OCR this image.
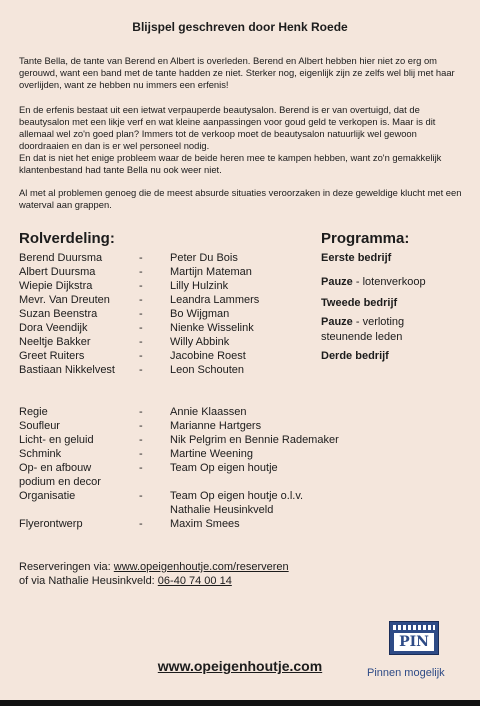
Blijspel geschreven door Henk Roede
Tante Bella, de tante van Berend en Albert is overleden. Berend en Albert hebben hier niet zo erg om gerouwd, want een band met de tante hadden ze niet. Sterker nog, eigenlijk zijn ze zelfs wel blij met haar overlijden, want ze hebben nu immers een erfenis!
En de erfenis bestaat uit een ietwat verpauperde beautysalon. Berend is er van overtuigd, dat de beautysalon met een likje verf en wat kleine aanpassingen voor goud geld te verkopen is. Maar is dit allemaal wel zo'n goed plan? Immers tot de verkoop moet de beautysalon natuurlijk wel gewoon doordraaien en dan is er wel personeel nodig.
En dat is niet het enige probleem waar de beide heren mee te kampen hebben, want zo'n gemakkelijk klantenbestand had tante Bella nu ook weer niet.
Al met al problemen genoeg die de meest absurde situaties veroorzaken in deze geweldige klucht met een waterval aan grappen.
Rolverdeling:	Programma:
Berend Duursma	- Peter Du Bois
Albert Duursma	- Martijn Mateman
Wiepie Dijkstra	- Lilly Hulzink
Mevr. Van Dreuten	- Leandra Lammers
Suzan Beenstra	- Bo Wijgman
Dora Veendijk	- Nienke Wisselink
Neeltje Bakker	- Willy Abbink
Greet Ruiters	- Jacobine Roest
Bastiaan Nikkelvest - Leon Schouten
Eerste bedrijf
Pauze - lotenverkoop
Tweede bedrijf
Pauze - verloting
steunende leden
Derde bedrijf
Regie	- Annie Klaassen
Soufleur	- Marianne Hartgers
Licht- en geluid	- Nik Pelgrim en Bennie Rademaker
Schmink	- Martine Weening
Op- en afbouw	- Team Op eigen houtje
podium en decor
Organisatie	- Team Op eigen houtje o.l.v.
Nathalie Heusinkveld
Flyerontwerp	- Maxim Smees
Reserveringen via: www.opeigenhoutje.com/reserveren
of via Nathalie Heusinkveld: 06-40 74 00 14
www.opeigenhoutje.com
PIN
Pinnen mogelijk
